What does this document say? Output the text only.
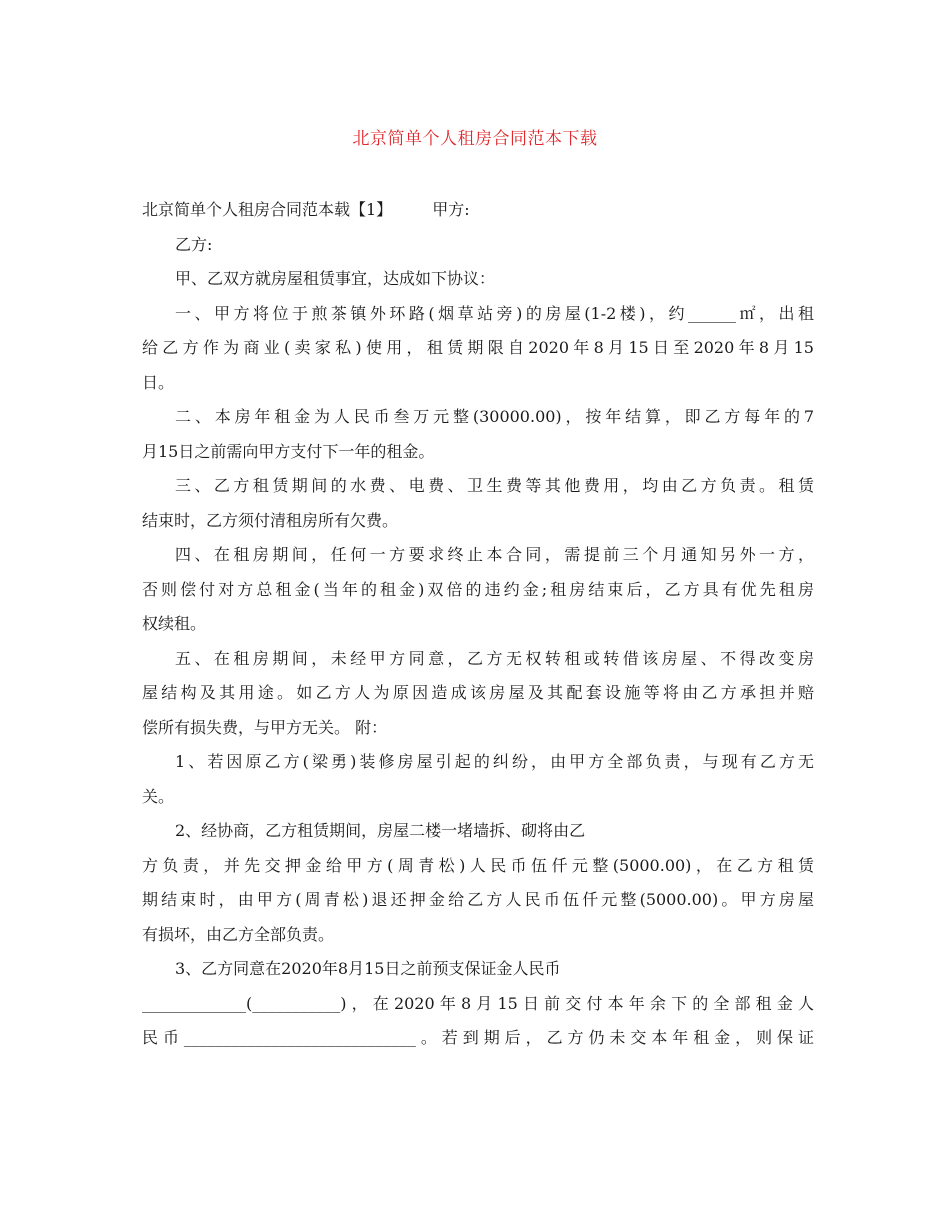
北京简单个人租房合同范本下载
北京简单个人租房合同范本载【1】	甲方:
乙方:
甲、乙双方就房屋租赁事宜，达成如下协议：
一、甲方将位于煎茶镇外环路(烟草站旁)的房屋(1-2楼)，约______㎡，出租
给乙方作为商业(卖家私)使用，租赁期限自2020年8月15日至2020年8月15
日。
二、本房年租金为人民币叁万元整(30000.00)，按年结算，即乙方每年的7
月15日之前需向甲方支付下一年的租金。
三、乙方租赁期间的水费、电费、卫生费等其他费用，均由乙方负责。租赁
结束时，乙方须付清租房所有欠费。
四、在租房期间，任何一方要求终止本合同，需提前三个月通知另外一方，
否则偿付对方总租金(当年的租金)双倍的违约金;租房结束后，乙方具有优先租房
权续租。
五、在租房期间，未经甲方同意，乙方无权转租或转借该房屋、不得改变房
屋结构及其用途。如乙方人为原因造成该房屋及其配套设施等将由乙方承担并赔
偿所有损失费，与甲方无关。 附：
1、若因原乙方(梁勇)装修房屋引起的纠纷，由甲方全部负责，与现有乙方无
关。
2、经协商，乙方租赁期间，房屋二楼一堵墙拆、砌将由乙
方负责，并先交押金给甲方(周青松)人民币伍仟元整(5000.00)，在乙方租赁
期结束时，由甲方(周青松)退还押金给乙方人民币伍仟元整(5000.00)。甲方房屋
有损坏，由乙方全部负责。
3、乙方同意在2020年8月15日之前预支保证金人民币
_____________(___________)，在2020年8月15日前交付本年余下的全部租金人
民币_____________________________。若到期后，乙方仍未交本年租金，则保证
